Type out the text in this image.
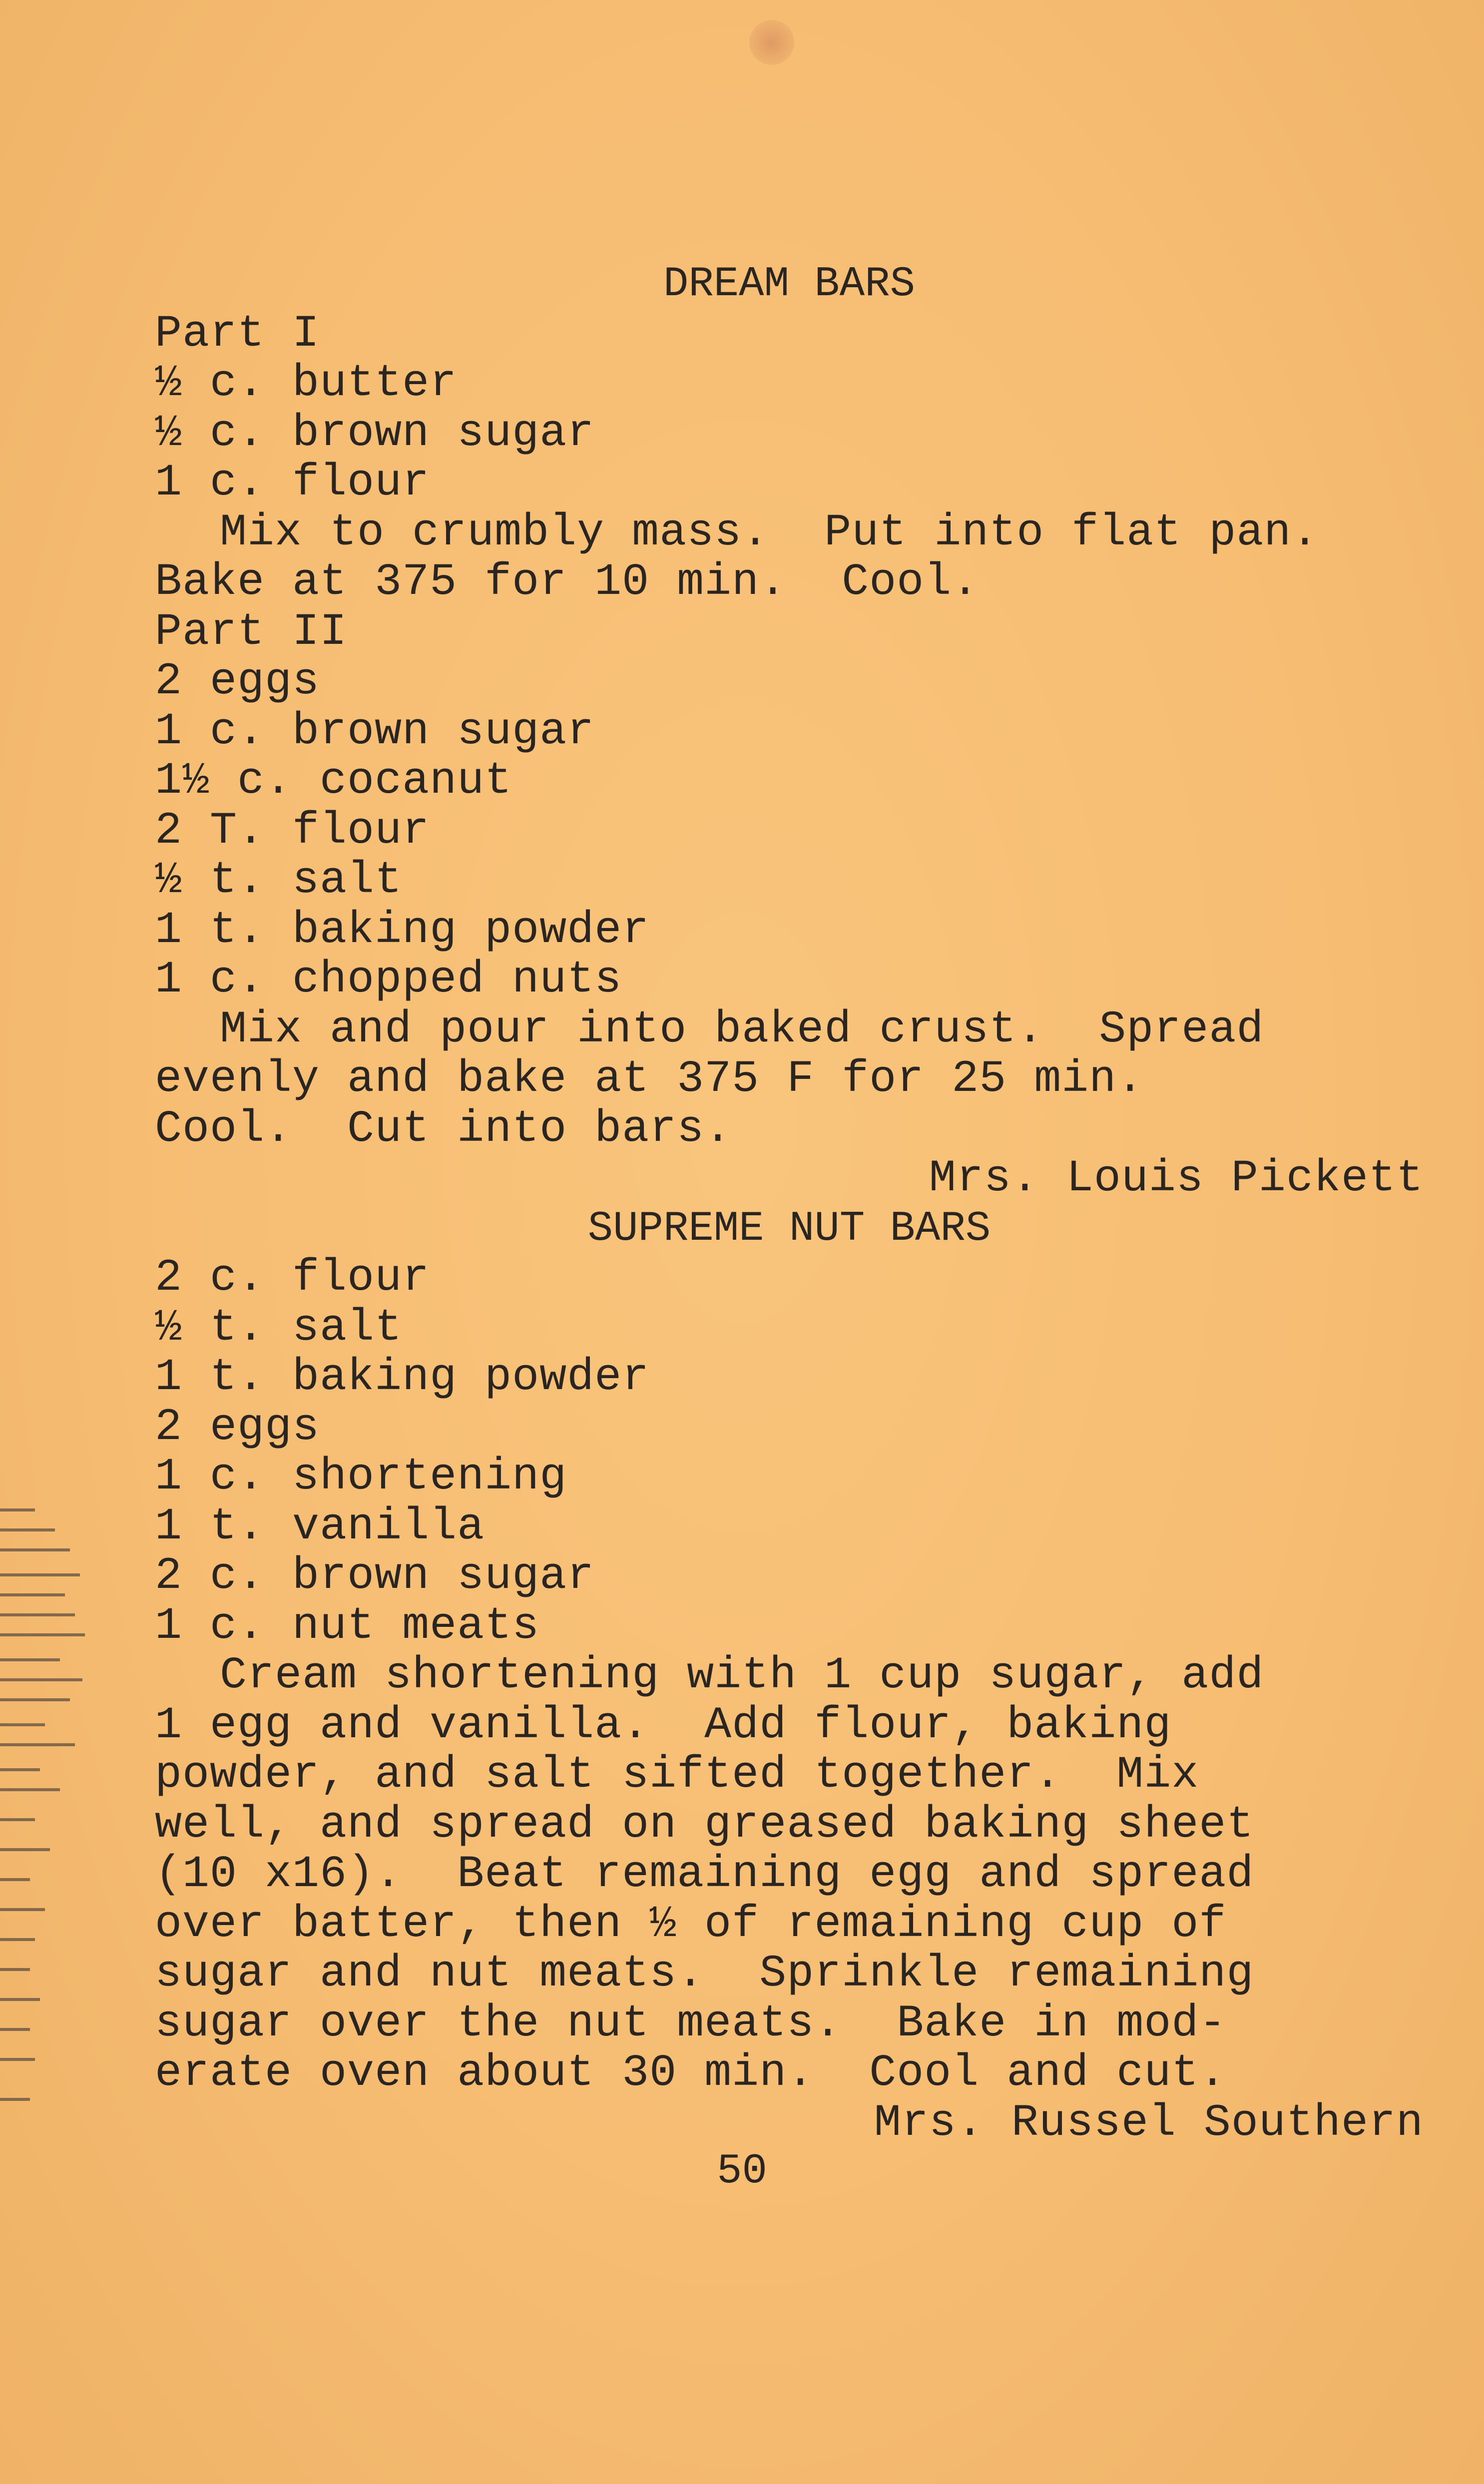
DREAM BARS
Part I
½ c. butter
½ c. brown sugar
1 c. flour
Mix to crumbly mass.  Put into flat pan.
Bake at 375 for 10 min.  Cool.
Part II
2 eggs
1 c. brown sugar
1½ c. cocanut
2 T. flour
½ t. salt
1 t. baking powder
1 c. chopped nuts
Mix and pour into baked crust.  Spread
evenly and bake at 375 F for 25 min.
Cool.  Cut into bars.
Mrs. Louis Pickett
SUPREME NUT BARS
2 c. flour
½ t. salt
1 t. baking powder
2 eggs
1 c. shortening
1 t. vanilla
2 c. brown sugar
1 c. nut meats
Cream shortening with 1 cup sugar, add
1 egg and vanilla.  Add flour, baking
powder, and salt sifted together.  Mix
well, and spread on greased baking sheet
(10 x16).  Beat remaining egg and spread
over batter, then ½ of remaining cup of
sugar and nut meats.  Sprinkle remaining
sugar over the nut meats.  Bake in mod-
erate oven about 30 min.  Cool and cut.
Mrs. Russel Southern
50
